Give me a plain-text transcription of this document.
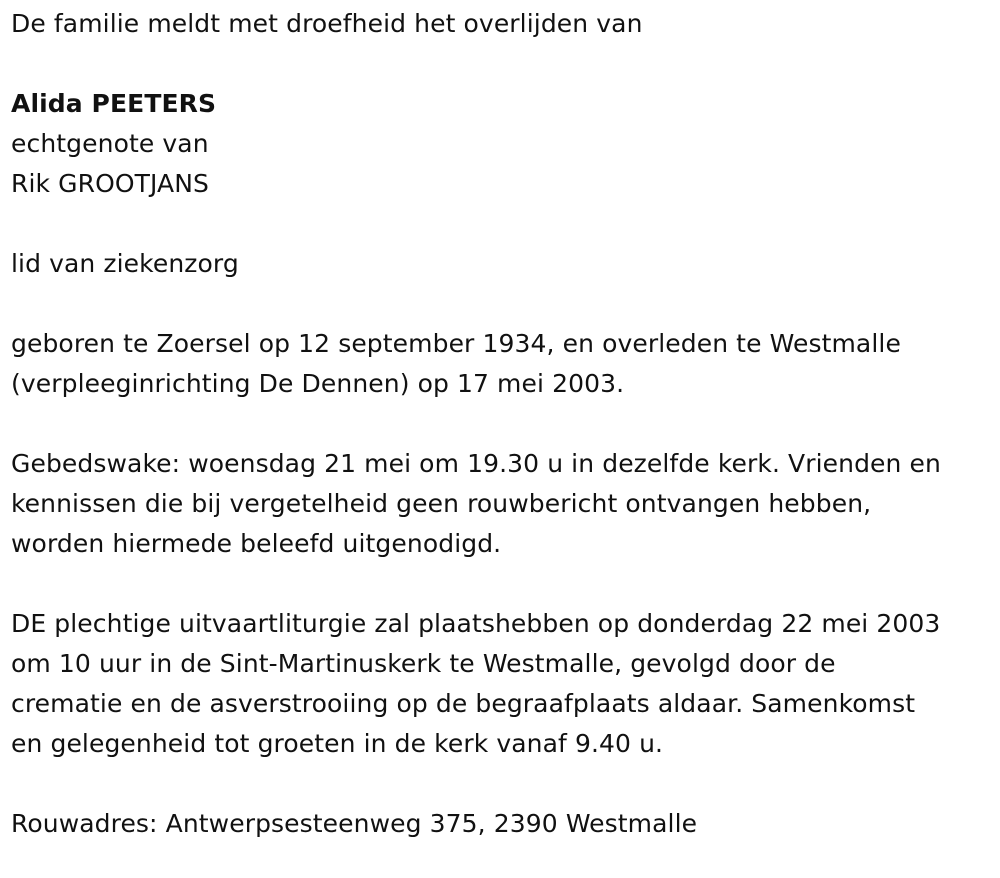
De familie meldt met droefheid het overlijden van
Alida PEETERS
echtgenote van
Rik GROOTJANS
lid van ziekenzorg
geboren te Zoersel op 12 september 1934, en overleden te Westmalle
(verpleeginrichting De Dennen) op 17 mei 2003.
Gebedswake: woensdag 21 mei om 19.30 u in dezelfde kerk. Vrienden en
kennissen die bij vergetelheid geen rouwbericht ontvangen hebben,
worden hiermede beleefd uitgenodigd.
DE plechtige uitvaartliturgie zal plaatshebben op donderdag 22 mei 2003
om 10 uur in de Sint-Martinuskerk te Westmalle, gevolgd door de
crematie en de asverstrooiing op de begraafplaats aldaar. Samenkomst
en gelegenheid tot groeten in de kerk vanaf 9.40 u.
Rouwadres: Antwerpsesteenweg 375, 2390 Westmalle
